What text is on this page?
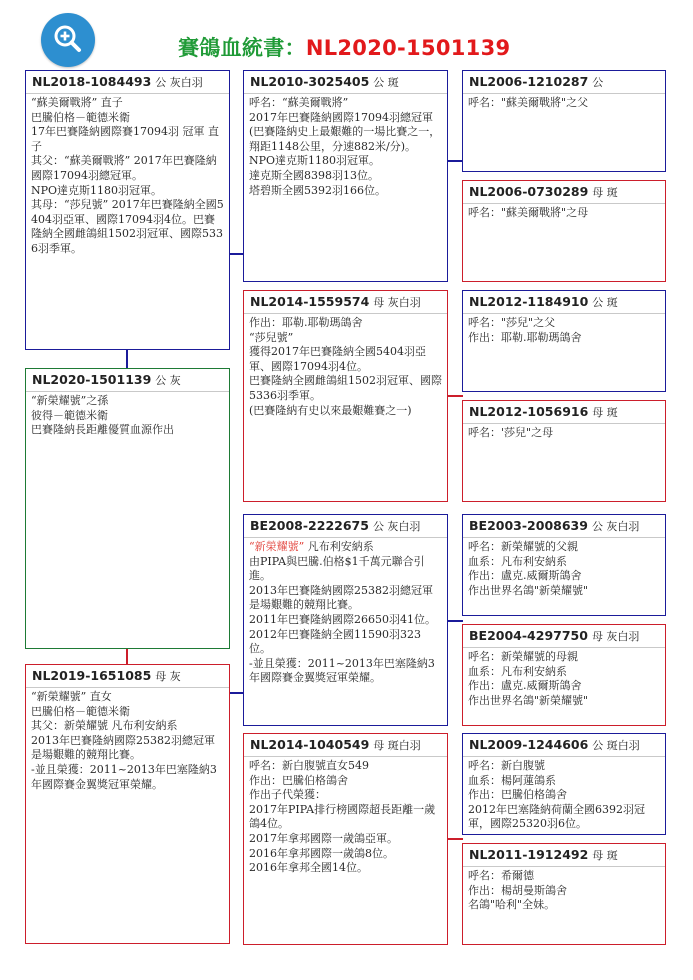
賽鴿血統書：NL2020-1501139
NL2020-1501139 公 灰
“新榮耀號”之孫
彼得－範德米衛
巴賽隆納長距離優質血源作出
NL2018-1084493 公 灰白羽
“蘇美爾戰將” 直子
巴騰伯格－範德米衛
17年巴賽隆納國際賽17094羽 冠軍 直子
其父：“蘇美爾戰將” 2017年巴賽隆納國際17094羽總冠軍。
NPO達克斯1180羽冠軍。
其母：“莎兒號” 2017年巴賽隆納全國5404羽亞軍、國際17094羽4位。巴賽隆納全國雌鴿組1502羽冠軍、國際5336羽季軍。
NL2019-1651085 母 灰
“新榮耀號” 直女
巴騰伯格－範德米衛
其父：新榮耀號 凡布利安納系
2013年巴賽隆納國際25382羽總冠軍是場艱難的競翔比賽。
-並且榮獲：2011~2013年巴塞隆納3年國際賽金翼獎冠軍榮耀。
NL2010-3025405 公 斑
呼名：“蘇美爾戰將”
2017年巴賽隆納國際17094羽總冠軍
(巴賽隆納史上最艱難的一場比賽之一，翔距1148公里，分速882米/分)。
NPO達克斯1180羽冠軍。
達克斯全國8398羽13位。
塔碧斯全國5392羽166位。
NL2014-1559574 母 灰白羽
作出：耶勒.耶勒瑪鴿舍
“莎兒號”
獲得2017年巴賽隆納全國5404羽亞軍、國際17094羽4位。
巴賽隆納全國雌鴿組1502羽冠軍、國際5336羽季軍。
(巴賽隆納有史以來最艱難賽之一)
BE2008-2222675 公 灰白羽
“新榮耀號” 凡布利安納系
由PIPA與巴騰.伯格$1千萬元聯合引進。
2013年巴賽隆納國際25382羽總冠軍是場艱難的競翔比賽。
2011年巴賽隆納國際26650羽41位。
2012年巴賽隆納全國11590羽323位。
-並且榮獲：2011~2013年巴塞隆納3年國際賽金翼獎冠軍榮耀。
NL2014-1040549 母 斑白羽
呼名：新白腹號直女549
作出：巴騰伯格鴿舍
作出子代榮獲：
2017年PIPA排行榜國際超長距離一歲鴿4位。
2017年拿邦國際一歲鴿亞軍。
2016年拿邦國際一歲鴿8位。
2016年拿邦全國14位。
NL2006-1210287 公
呼名："蘇美爾戰將"之父
NL2006-0730289 母 斑
呼名："蘇美爾戰將"之母
NL2012-1184910 公 斑
呼名："莎兒"之父
作出：耶勒.耶勒瑪鴿舍
NL2012-1056916 母 斑
呼名：'莎兒"之母
BE2003-2008639 公 灰白羽
呼名：新榮耀號的父親
血系：凡布利安納系
作出：盧克.威爾斯鴿舍
作出世界名鴿"新榮耀號"
BE2004-4297750 母 灰白羽
呼名：新榮耀號的母親
血系：凡布利安納系
作出：盧克.威爾斯鴿舍
作出世界名鴿"新榮耀號"
NL2009-1244606 公 斑白羽
呼名：新白腹號
血系：楊阿蓮鴿系
作出：巴騰伯格鴿舍
2012年巴塞隆納荷蘭全國6392羽冠軍，國際25320羽6位。
NL2011-1912492 母 斑
呼名：希爾德
作出：楊胡曼斯鴿舍
名鴿"哈利"全妹。
